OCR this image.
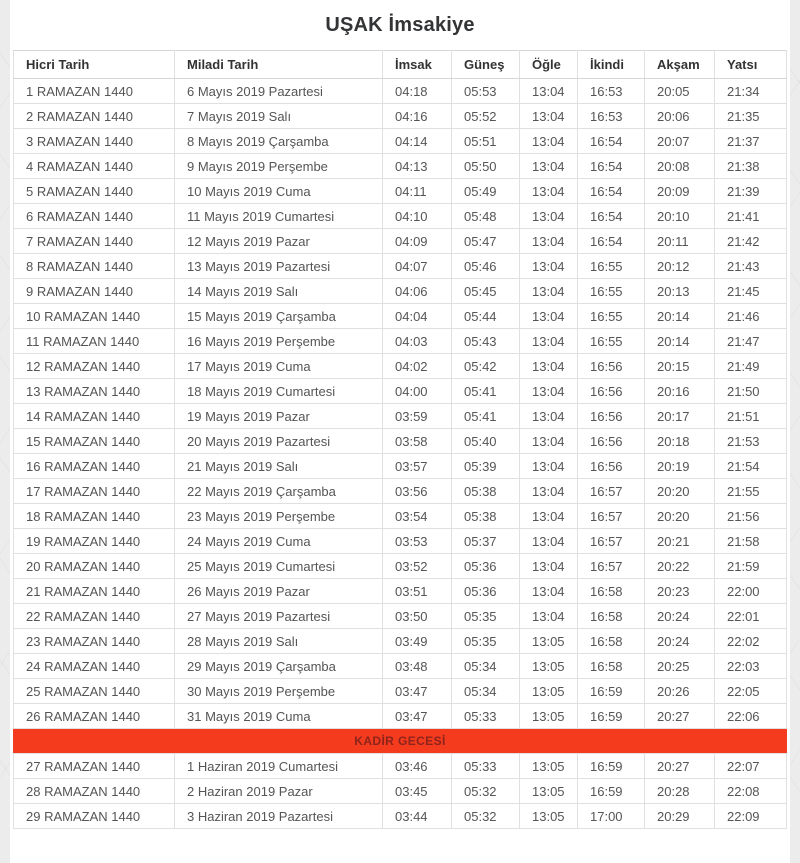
UŞAK İmsakiye
Hicri Tarih	Miladi Tarih	İmsak	Güneş	Öğle	İkindi	Akşam	Yatsı
1 RAMAZAN 1440	6 Mayıs 2019 Pazartesi	04:18	05:53	13:04	16:53	20:05	21:34
2 RAMAZAN 1440	7 Mayıs 2019 Salı	04:16	05:52	13:04	16:53	20:06	21:35
3 RAMAZAN 1440	8 Mayıs 2019 Çarşamba	04:14	05:51	13:04	16:54	20:07	21:37
4 RAMAZAN 1440	9 Mayıs 2019 Perşembe	04:13	05:50	13:04	16:54	20:08	21:38
5 RAMAZAN 1440	10 Mayıs 2019 Cuma	04:11	05:49	13:04	16:54	20:09	21:39
6 RAMAZAN 1440	11 Mayıs 2019 Cumartesi	04:10	05:48	13:04	16:54	20:10	21:41
7 RAMAZAN 1440	12 Mayıs 2019 Pazar	04:09	05:47	13:04	16:54	20:11	21:42
8 RAMAZAN 1440	13 Mayıs 2019 Pazartesi	04:07	05:46	13:04	16:55	20:12	21:43
9 RAMAZAN 1440	14 Mayıs 2019 Salı	04:06	05:45	13:04	16:55	20:13	21:45
10 RAMAZAN 1440	15 Mayıs 2019 Çarşamba	04:04	05:44	13:04	16:55	20:14	21:46
11 RAMAZAN 1440	16 Mayıs 2019 Perşembe	04:03	05:43	13:04	16:55	20:14	21:47
12 RAMAZAN 1440	17 Mayıs 2019 Cuma	04:02	05:42	13:04	16:56	20:15	21:49
13 RAMAZAN 1440	18 Mayıs 2019 Cumartesi	04:00	05:41	13:04	16:56	20:16	21:50
14 RAMAZAN 1440	19 Mayıs 2019 Pazar	03:59	05:41	13:04	16:56	20:17	21:51
15 RAMAZAN 1440	20 Mayıs 2019 Pazartesi	03:58	05:40	13:04	16:56	20:18	21:53
16 RAMAZAN 1440	21 Mayıs 2019 Salı	03:57	05:39	13:04	16:56	20:19	21:54
17 RAMAZAN 1440	22 Mayıs 2019 Çarşamba	03:56	05:38	13:04	16:57	20:20	21:55
18 RAMAZAN 1440	23 Mayıs 2019 Perşembe	03:54	05:38	13:04	16:57	20:20	21:56
19 RAMAZAN 1440	24 Mayıs 2019 Cuma	03:53	05:37	13:04	16:57	20:21	21:58
20 RAMAZAN 1440	25 Mayıs 2019 Cumartesi	03:52	05:36	13:04	16:57	20:22	21:59
21 RAMAZAN 1440	26 Mayıs 2019 Pazar	03:51	05:36	13:04	16:58	20:23	22:00
22 RAMAZAN 1440	27 Mayıs 2019 Pazartesi	03:50	05:35	13:04	16:58	20:24	22:01
23 RAMAZAN 1440	28 Mayıs 2019 Salı	03:49	05:35	13:05	16:58	20:24	22:02
24 RAMAZAN 1440	29 Mayıs 2019 Çarşamba	03:48	05:34	13:05	16:58	20:25	22:03
25 RAMAZAN 1440	30 Mayıs 2019 Perşembe	03:47	05:34	13:05	16:59	20:26	22:05
26 RAMAZAN 1440	31 Mayıs 2019 Cuma	03:47	05:33	13:05	16:59	20:27	22:06
KADİR GECESİ							
27 RAMAZAN 1440	1 Haziran 2019 Cumartesi	03:46	05:33	13:05	16:59	20:27	22:07
28 RAMAZAN 1440	2 Haziran 2019 Pazar	03:45	05:32	13:05	16:59	20:28	22:08
29 RAMAZAN 1440	3 Haziran 2019 Pazartesi	03:44	05:32	13:05	17:00	20:29	22:09
